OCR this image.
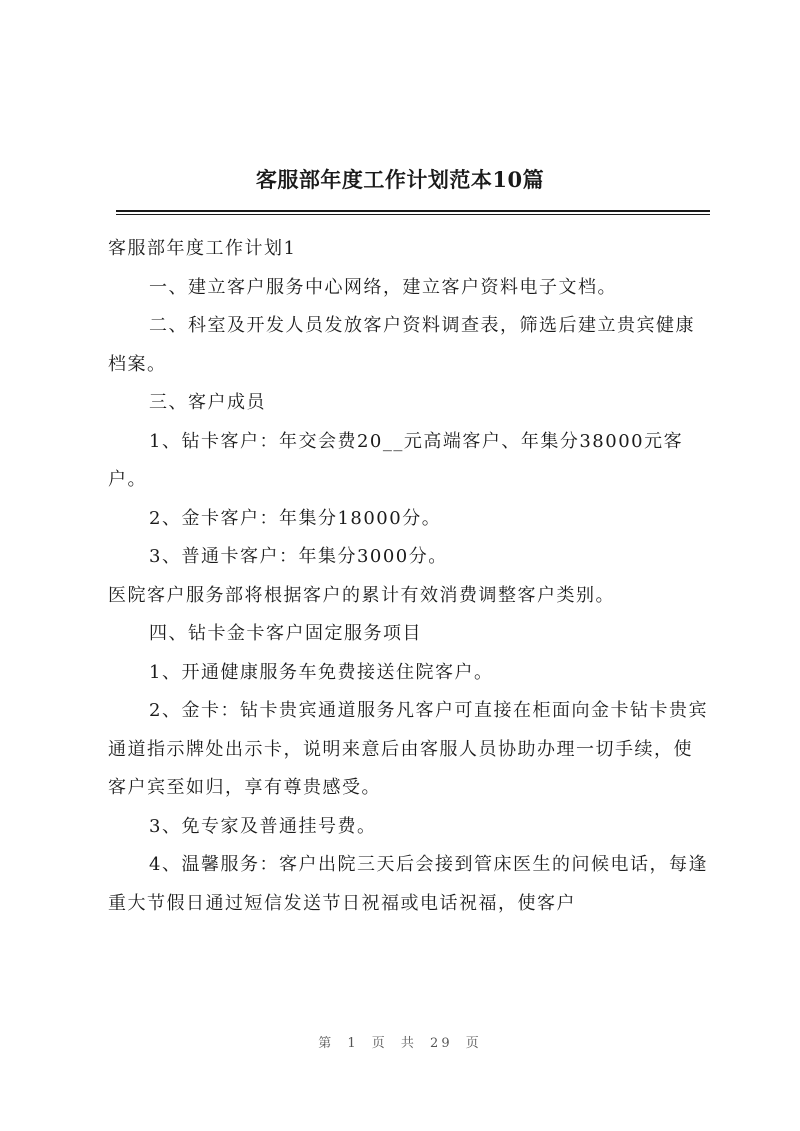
客服部年度工作计划范本10篇

客服部年度工作计划1

一、建立客户服务中心网络，建立客户资料电子文档。

二、科室及开发人员发放客户资料调查表，筛选后建立贵宾健康档案。

三、客户成员

1、钻卡客户：年交会费20__元高端客户、年集分38000元客户。

2、金卡客户：年集分18000分。

3、普通卡客户：年集分3000分。

医院客户服务部将根据客户的累计有效消费调整客户类别。

四、钻卡金卡客户固定服务项目

1、开通健康服务车免费接送住院客户。

2、金卡：钻卡贵宾通道服务凡客户可直接在柜面向金卡钻卡贵宾通道指示牌处出示卡，说明来意后由客服人员协助办理一切手续，使客户宾至如归，享有尊贵感受。

3、免专家及普通挂号费。

4、温馨服务：客户出院三天后会接到管床医生的问候电话，每逢重大节假日通过短信发送节日祝福或电话祝福，使客户

第 1 页 共 29 页
